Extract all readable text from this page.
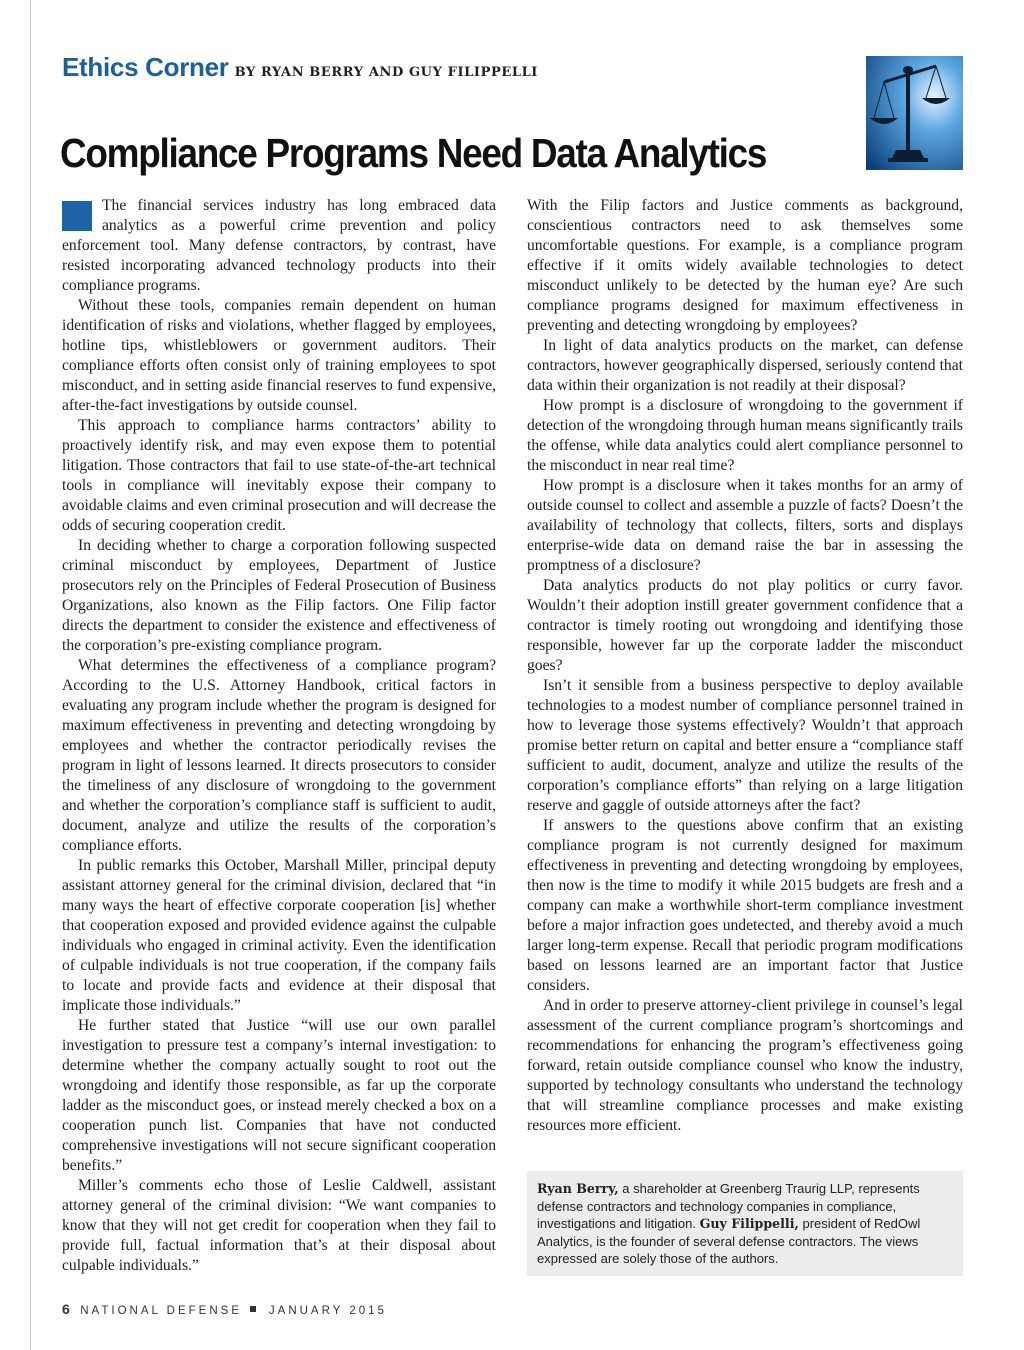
Ethics Corner BY RYAN BERRY AND GUY FILIPPELLI
Compliance Programs Need Data Analytics

The financial services industry has long embraced data analytics as a powerful crime prevention and policy enforcement tool. Many defense contractors, by contrast, have resisted incorporating advanced technology products into their compliance programs.

Without these tools, companies remain dependent on human identification of risks and violations, whether flagged by employees, hotline tips, whistleblowers or government auditors. Their compliance efforts often consist only of training employees to spot misconduct, and in setting aside financial reserves to fund expensive, after-the-fact investigations by outside counsel.

This approach to compliance harms contractors’ ability to proactively identify risk, and may even expose them to potential litigation. Those contractors that fail to use state-of-the-art technical tools in compliance will inevitably expose their company to avoidable claims and even criminal prosecution and will decrease the odds of securing cooperation credit.

In deciding whether to charge a corporation following suspected criminal misconduct by employees, Department of Justice prosecutors rely on the Principles of Federal Prosecution of Business Organizations, also known as the Filip factors. One Filip factor directs the department to consider the existence and effectiveness of the corporation’s pre-existing compliance program.

What determines the effectiveness of a compliance program? According to the U.S. Attorney Handbook, critical factors in evaluating any program include whether the program is designed for maximum effectiveness in preventing and detecting wrongdoing by employees and whether the contractor periodically revises the program in light of lessons learned. It directs prosecutors to consider the timeliness of any disclosure of wrongdoing to the government and whether the corporation’s compliance staff is sufficient to audit, document, analyze and utilize the results of the corporation’s compliance efforts.

In public remarks this October, Marshall Miller, principal deputy assistant attorney general for the criminal division, declared that “in many ways the heart of effective corporate cooperation [is] whether that cooperation exposed and provided evidence against the culpable individuals who engaged in criminal activity. Even the identification of culpable individuals is not true cooperation, if the company fails to locate and provide facts and evidence at their disposal that implicate those individuals.”

He further stated that Justice “will use our own parallel investigation to pressure test a company’s internal investigation: to determine whether the company actually sought to root out the wrongdoing and identify those responsible, as far up the corporate ladder as the misconduct goes, or instead merely checked a box on a cooperation punch list. Companies that have not conducted comprehensive investigations will not secure significant cooperation benefits.”

Miller’s comments echo those of Leslie Caldwell, assistant attorney general of the criminal division: “We want companies to know that they will not get credit for cooperation when they fail to provide full, factual information that’s at their disposal about culpable individuals.”

With the Filip factors and Justice comments as background, conscientious contractors need to ask themselves some uncomfortable questions. For example, is a compliance program effective if it omits widely available technologies to detect misconduct unlikely to be detected by the human eye? Are such compliance programs designed for maximum effectiveness in preventing and detecting wrongdoing by employees?

In light of data analytics products on the market, can defense contractors, however geographically dispersed, seriously contend that data within their organization is not readily at their disposal?

How prompt is a disclosure of wrongdoing to the government if detection of the wrongdoing through human means significantly trails the offense, while data analytics could alert compliance personnel to the misconduct in near real time?

How prompt is a disclosure when it takes months for an army of outside counsel to collect and assemble a puzzle of facts? Doesn’t the availability of technology that collects, filters, sorts and displays enterprise-wide data on demand raise the bar in assessing the promptness of a disclosure?

Data analytics products do not play politics or curry favor. Wouldn’t their adoption instill greater government confidence that a contractor is timely rooting out wrongdoing and identifying those responsible, however far up the corporate ladder the misconduct goes?

Isn’t it sensible from a business perspective to deploy available technologies to a modest number of compliance personnel trained in how to leverage those systems effectively? Wouldn’t that approach promise better return on capital and better ensure a “compliance staff sufficient to audit, document, analyze and utilize the results of the corporation’s compliance efforts” than relying on a large litigation reserve and gaggle of outside attorneys after the fact?

If answers to the questions above confirm that an existing compliance program is not currently designed for maximum effectiveness in preventing and detecting wrongdoing by employees, then now is the time to modify it while 2015 budgets are fresh and a company can make a worthwhile short-term compliance investment before a major infraction goes undetected, and thereby avoid a much larger long-term expense. Recall that periodic program modifications based on lessons learned are an important factor that Justice considers.

And in order to preserve attorney-client privilege in counsel’s legal assessment of the current compliance program’s shortcomings and recommendations for enhancing the program’s effectiveness going forward, retain outside compliance counsel who know the industry, supported by technology consultants who understand the technology that will streamline compliance processes and make existing resources more efficient.

Ryan Berry, a shareholder at Greenberg Traurig LLP, represents defense contractors and technology companies in compliance, investigations and litigation. Guy Filippelli, president of RedOwl Analytics, is the founder of several defense contractors. The views expressed are solely those of the authors.
6 NATIONAL DEFENSE JANUARY 2015
